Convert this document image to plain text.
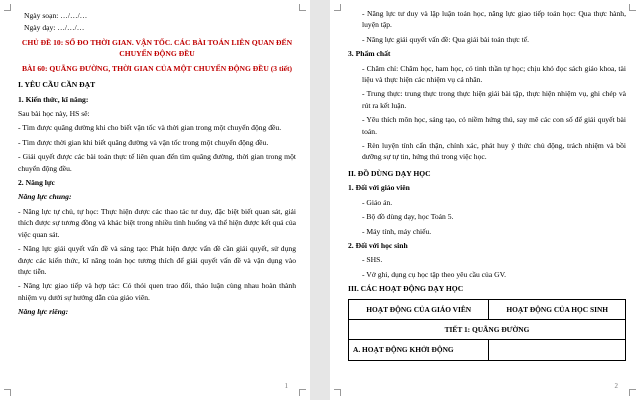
Ngày soạn: …/…/…
Ngày dạy: …/…/…
CHỦ ĐỀ 10: SỐ ĐO THỜI GIAN. VẬN TỐC. CÁC BÀI TOÁN LIÊN QUAN ĐẾN CHUYỂN ĐỘNG ĐỀU
BÀI 60: QUÃNG ĐƯỜNG, THỜI GIAN CỦA MỘT CHUYỂN ĐỘNG ĐỀU (3 tiết)
I. YÊU CẦU CẦN ĐẠT
1. Kiến thức, kĩ năng:
Sau bài học này, HS sẽ:
- Tìm được quãng đường khi cho biết vận tốc và thời gian trong một chuyển động đều.
- Tìm được thời gian khi biết quãng đường và vận tốc trong một chuyển động đều.
- Giải quyết được các bài toán thực tế liên quan đến tìm quãng đường, thời gian trong một chuyển động đều.
2. Năng lực
Năng lực chung:
- Năng lực tự chủ, tự học: Thực hiện được các thao tác tư duy, đặc biệt biết quan sát, giải thích được sự tương đồng và khác biệt trong nhiều tình huống và thể hiện được kết quả của việc quan sát.
- Năng lực giải quyết vấn đề và sáng tạo: Phát hiện được vấn đề cần giải quyết, sử dụng được các kiến thức, kĩ năng toán học tương thích để giải quyết vấn đề và vận dụng vào thực tiễn.
- Năng lực giao tiếp và hợp tác: Có thói quen trao đổi, thảo luận cùng nhau hoàn thành nhiệm vụ dưới sự hướng dẫn của giáo viên.
Năng lực riêng:
1
- Năng lực tư duy và lập luận toán học, năng lực giao tiếp toán học: Qua thực hành, luyện tập.
- Năng lực giải quyết vấn đề: Qua giải bài toán thực tế.
3. Phẩm chất
- Chăm chỉ: Chăm học, ham học, có tinh thần tự học; chịu khó đọc sách giáo khoa, tài liệu và thực hiện các nhiệm vụ cá nhân.
- Trung thực: trung thực trong thực hiện giải bài tập, thực hiện nhiệm vụ, ghi chép và rút ra kết luận.
- Yêu thích môn học, sáng tạo, có niềm hứng thú, say mê các con số để giải quyết bài toán.
- Rèn luyện tính cẩn thận, chính xác, phát huy ý thức chủ động, trách nhiệm và bồi dưỡng sự tự tin, hứng thú trong việc học.
II. ĐỒ DÙNG DẠY HỌC
1. Đối với giáo viên
- Giáo án.
- Bộ đồ dùng dạy, học Toán 5.
- Máy tính, máy chiếu.
2. Đối với học sinh
- SHS.
- Vở ghi, dụng cụ học tập theo yêu cầu của GV.
III. CÁC HOẠT ĐỘNG DẠY HỌC
HOẠT ĐỘNG CỦA GIÁO VIÊN	HOẠT ĐỘNG CỦA HỌC SINH
TIẾT 1: QUÃNG ĐƯỜNG	
A. HOẠT ĐỘNG KHỞI ĐỘNG	
2
